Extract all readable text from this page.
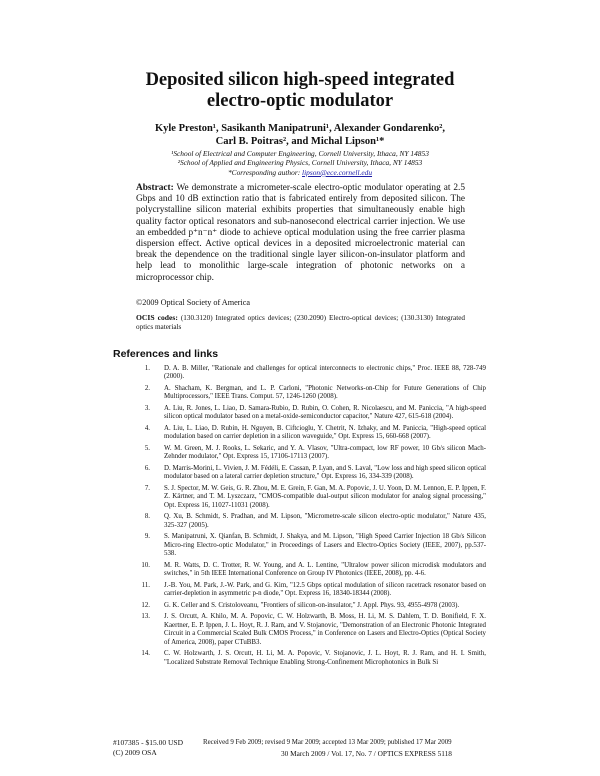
Deposited silicon high-speed integrated
electro-optic modulator
Kyle Preston¹, Sasikanth Manipatruni¹, Alexander Gondarenko²,
Carl B. Poitras², and Michal Lipson¹*
¹School of Electrical and Computer Engineering, Cornell University, Ithaca, NY 14853
²School of Applied and Engineering Physics, Cornell University, Ithaca, NY 14853
*Corresponding author: lipson@ece.cornell.edu

Abstract: We demonstrate a micrometer-scale electro-optic modulator operating at 2.5 Gbps and 10 dB extinction ratio that is fabricated entirely from deposited silicon. The polycrystalline silicon material exhibits properties that simultaneously enable high quality factor optical resonators and sub-nanosecond electrical carrier injection. We use an embedded p⁺n⁻n⁺ diode to achieve optical modulation using the free carrier plasma dispersion effect. Active optical devices in a deposited microelectronic material can break the dependence on the traditional single layer silicon-on-insulator platform and help lead to monolithic large-scale integration of photonic networks on a microprocessor chip.

©2009 Optical Society of America

OCIS codes: (130.3120) Integrated optics devices; (230.2090) Electro-optical devices; (130.3130) Integrated optics materials

References and links
1. D. A. B. Miller, "Rationale and challenges for optical interconnects to electronic chips," Proc. IEEE 88, 728-749 (2000).
2. A. Shacham, K. Bergman, and L. P. Carloni, "Photonic Networks-on-Chip for Future Generations of Chip Multiprocessors," IEEE Trans. Comput. 57, 1246-1260 (2008).
3. A. Liu, R. Jones, L. Liao, D. Samara-Rubio, D. Rubin, O. Cohen, R. Nicolaescu, and M. Paniccia, "A high-speed silicon optical modulator based on a metal-oxide-semiconductor capacitor," Nature 427, 615-618 (2004).
4. A. Liu, L. Liao, D. Rubin, H. Nguyen, B. Ciftcioglu, Y. Chetrit, N. Izhaky, and M. Paniccia, "High-speed optical modulation based on carrier depletion in a silicon waveguide," Opt. Express 15, 660-668 (2007).
5. W. M. Green, M. J. Rooks, L. Sekaric, and Y. A. Vlasov, "Ultra-compact, low RF power, 10 Gb/s silicon Mach-Zehnder modulator," Opt. Express 15, 17106-17113 (2007).
6. D. Marris-Morini, L. Vivien, J. M. Fédéli, E. Cassan, P. Lyan, and S. Laval, "Low loss and high speed silicon optical modulator based on a lateral carrier depletion structure," Opt. Express 16, 334-339 (2008).
7. S. J. Spector, M. W. Geis, G. R. Zhou, M. E. Grein, F. Gan, M. A. Popovic, J. U. Yoon, D. M. Lennon, E. P. Ippen, F. Z. Kärtner, and T. M. Lyszczarz, "CMOS-compatible dual-output silicon modulator for analog signal processing," Opt. Express 16, 11027-11031 (2008).
8. Q. Xu, B. Schmidt, S. Pradhan, and M. Lipson, "Micrometre-scale silicon electro-optic modulator," Nature 435, 325-327 (2005).
9. S. Manipatruni, X. Qianfan, B. Schmidt, J. Shakya, and M. Lipson, "High Speed Carrier Injection 18 Gb/s Silicon Micro-ring Electro-optic Modulator," in Proceedings of Lasers and Electro-Optics Society (IEEE, 2007), pp.537-538.
10. M. R. Watts, D. C. Trotter, R. W. Young, and A. L. Lentine, "Ultralow power silicon microdisk modulators and switches," in 5th IEEE International Conference on Group IV Photonics (IEEE, 2008), pp. 4-6.
11. J.-B. You, M. Park, J.-W. Park, and G. Kim, "12.5 Gbps optical modulation of silicon racetrack resonator based on carrier-depletion in asymmetric p-n diode," Opt. Express 16, 18340-18344 (2008).
12. G. K. Celler and S. Cristoloveanu, "Frontiers of silicon-on-insulator," J. Appl. Phys. 93, 4955-4978 (2003).
13. J. S. Orcutt, A. Khilo, M. A. Popovic, C. W. Holzwarth, B. Moss, H. Li, M. S. Dahlem, T. D. Bonifield, F. X. Kaertner, E. P. Ippen, J. L. Hoyt, R. J. Ram, and V. Stojanovic, "Demonstration of an Electronic Photonic Integrated Circuit in a Commercial Scaled Bulk CMOS Process," in Conference on Lasers and Electro-Optics (Optical Society of America, 2008), paper CTuBB3.
14. C. W. Holzwarth, J. S. Orcutt, H. Li, M. A. Popovic, V. Stojanovic, J. L. Hoyt, R. J. Ram, and H. I. Smith, "Localized Substrate Removal Technique Enabling Strong-Confinement Microphotonics in Bulk Si
#107385 - $15.00 USD
(C) 2009 OSA
Received 9 Feb 2009; revised 9 Mar 2009; accepted 13 Mar 2009; published 17 Mar 2009
30 March 2009 / Vol. 17, No. 7 / OPTICS EXPRESS 5118
